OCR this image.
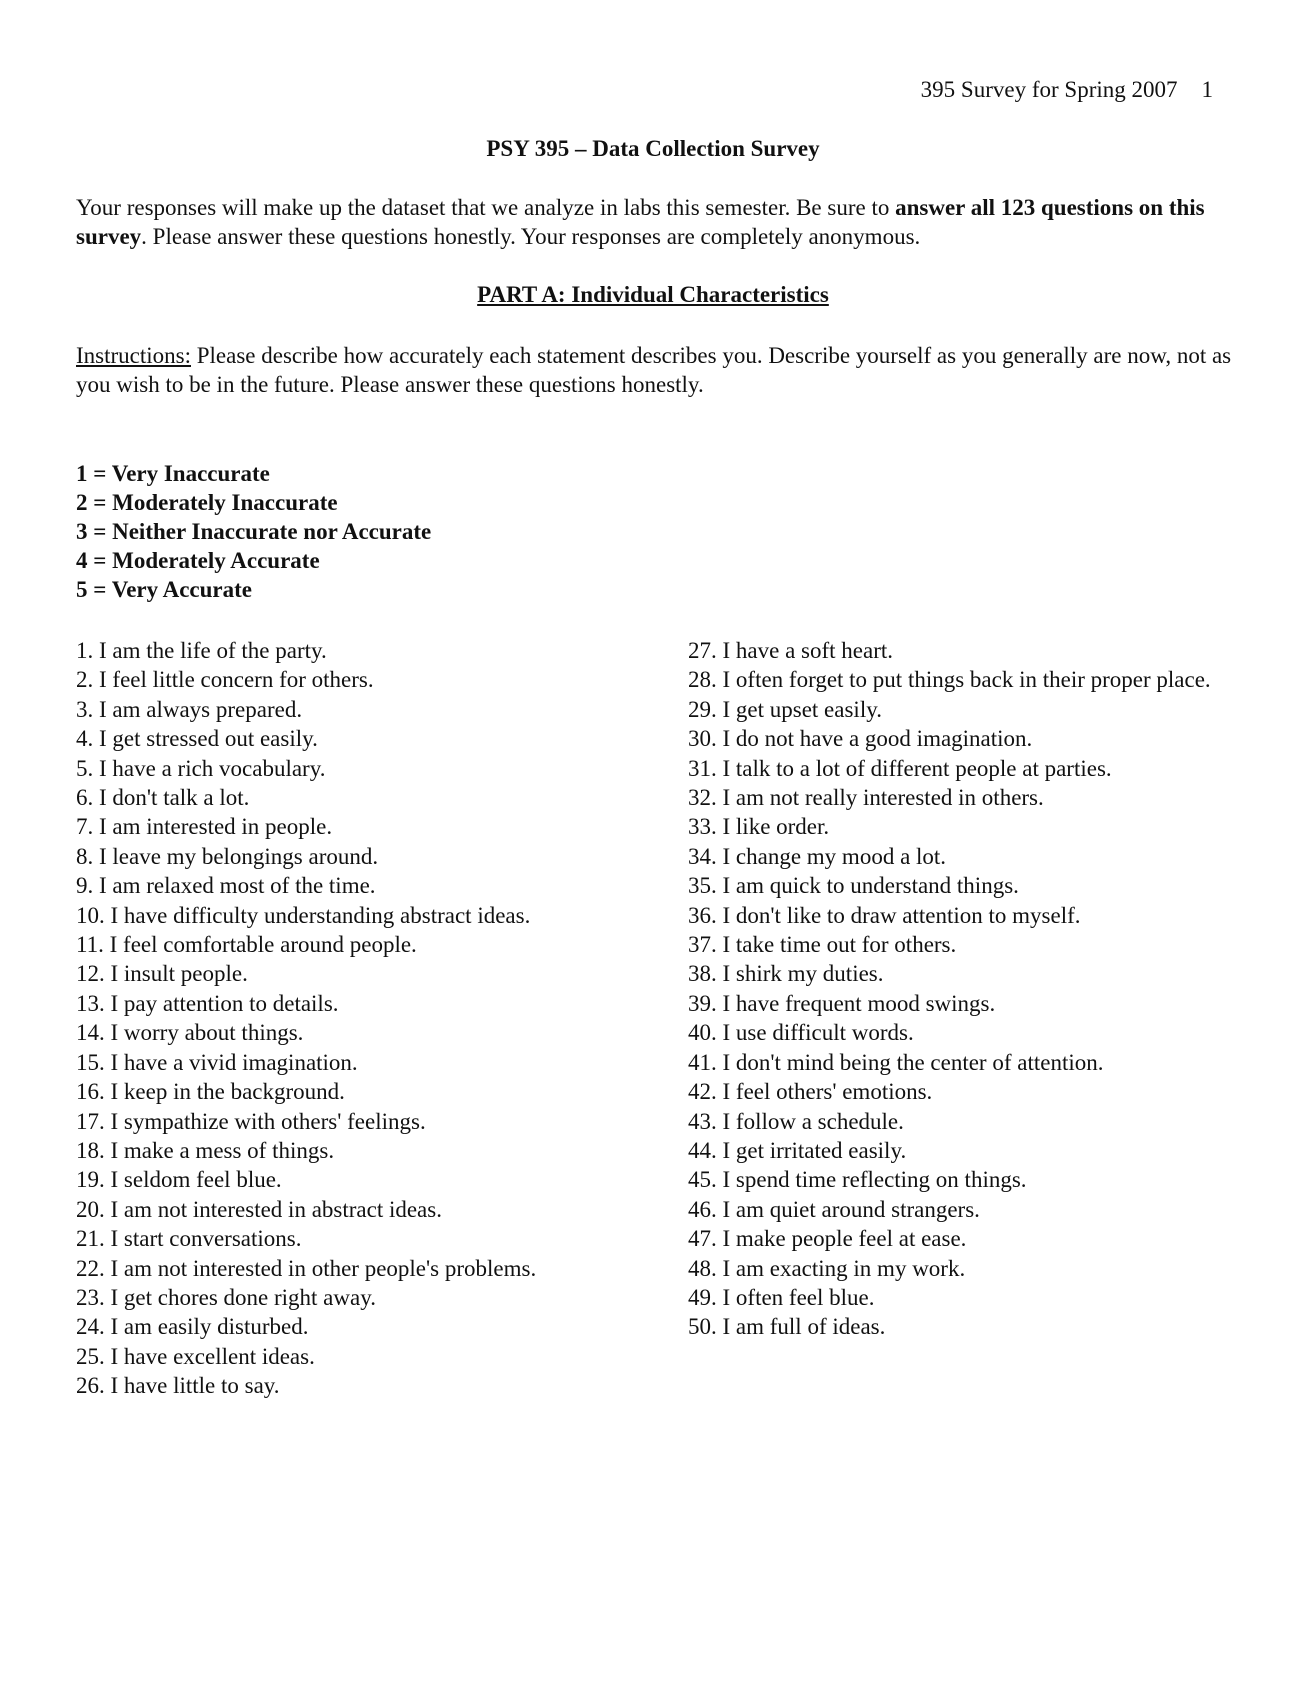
395 Survey for Spring 2007 1
PSY 395 – Data Collection Survey
Your responses will make up the dataset that we analyze in labs this semester. Be sure to answer all 123 questions on this survey. Please answer these questions honestly. Your responses are completely anonymous.
PART A: Individual Characteristics
Instructions: Please describe how accurately each statement describes you. Describe yourself as you generally are now, not as you wish to be in the future. Please answer these questions honestly.
1 = Very Inaccurate
2 = Moderately Inaccurate
3 = Neither Inaccurate nor Accurate
4 = Moderately Accurate
5 = Very Accurate
1. I am the life of the party.
2. I feel little concern for others.
3. I am always prepared.
4. I get stressed out easily.
5. I have a rich vocabulary.
6. I don't talk a lot.
7. I am interested in people.
8. I leave my belongings around.
9. I am relaxed most of the time.
10. I have difficulty understanding abstract ideas.
11. I feel comfortable around people.
12. I insult people.
13. I pay attention to details.
14. I worry about things.
15. I have a vivid imagination.
16. I keep in the background.
17. I sympathize with others' feelings.
18. I make a mess of things.
19. I seldom feel blue.
20. I am not interested in abstract ideas.
21. I start conversations.
22. I am not interested in other people's problems.
23. I get chores done right away.
24. I am easily disturbed.
25. I have excellent ideas.
26. I have little to say.
27. I have a soft heart.
28. I often forget to put things back in their proper place.
29. I get upset easily.
30. I do not have a good imagination.
31. I talk to a lot of different people at parties.
32. I am not really interested in others.
33. I like order.
34. I change my mood a lot.
35. I am quick to understand things.
36. I don't like to draw attention to myself.
37. I take time out for others.
38. I shirk my duties.
39. I have frequent mood swings.
40. I use difficult words.
41. I don't mind being the center of attention.
42. I feel others' emotions.
43. I follow a schedule.
44. I get irritated easily.
45. I spend time reflecting on things.
46. I am quiet around strangers.
47. I make people feel at ease.
48. I am exacting in my work.
49. I often feel blue.
50. I am full of ideas.
